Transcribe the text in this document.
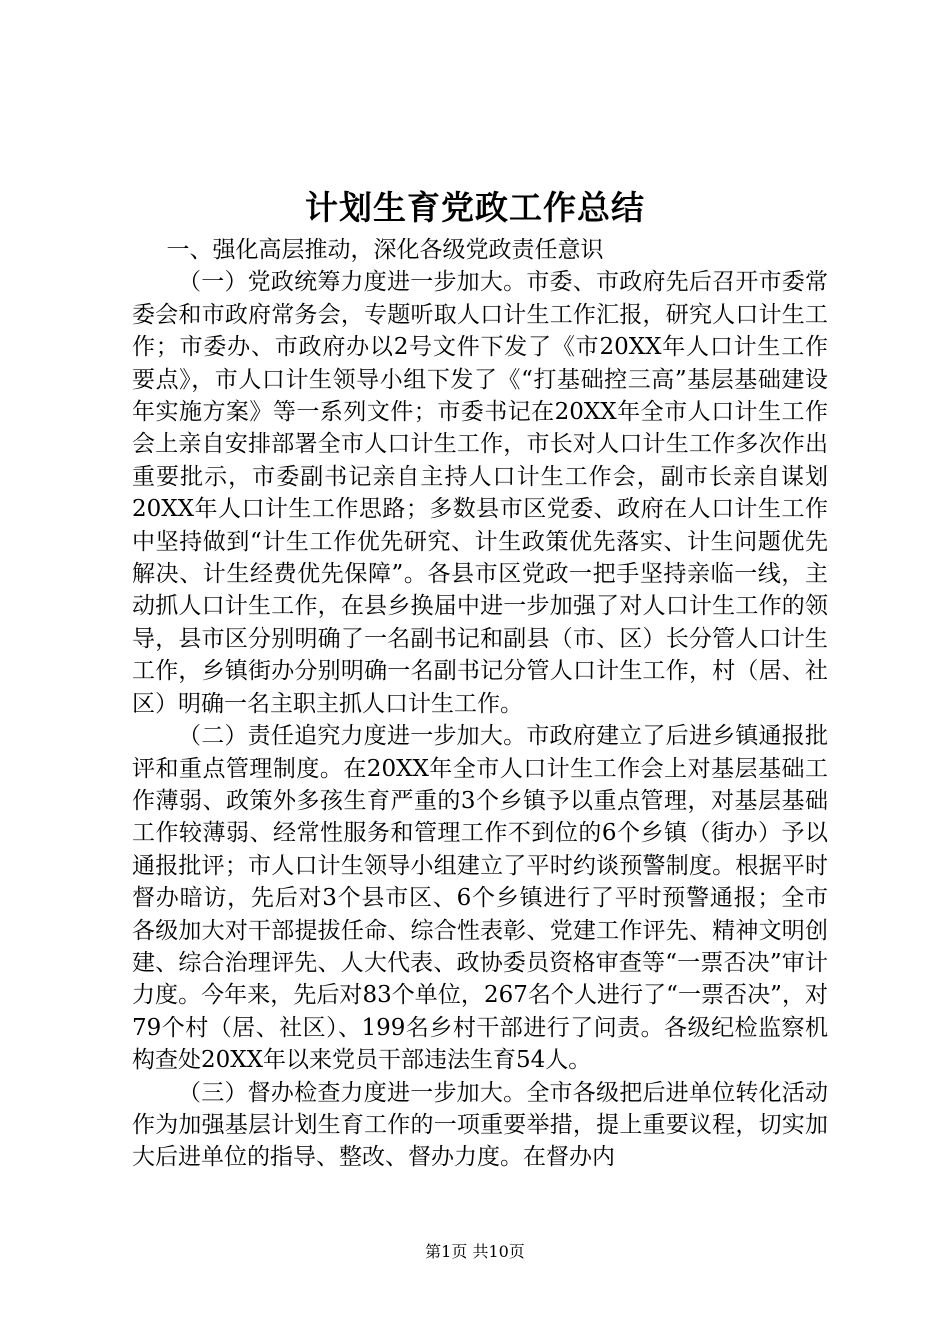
计划生育党政工作总结

一、强化高层推动，深化各级党政责任意识

（一）党政统筹力度进一步加大。市委、市政府先后召开市委常委会和市政府常务会，专题听取人口计生工作汇报，研究人口计生工作；市委办、市政府办以2号文件下发了《市20XX年人口计生工作要点》，市人口计生领导小组下发了《“打基础控三高”基层基础建设年实施方案》等一系列文件；市委书记在20XX年全市人口计生工作会上亲自安排部署全市人口计生工作，市长对人口计生工作多次作出重要批示，市委副书记亲自主持人口计生工作会，副市长亲自谋划20XX年人口计生工作思路；多数县市区党委、政府在人口计生工作中坚持做到“计生工作优先研究、计生政策优先落实、计生问题优先解决、计生经费优先保障”。各县市区党政一把手坚持亲临一线，主动抓人口计生工作，在县乡换届中进一步加强了对人口计生工作的领导，县市区分别明确了一名副书记和副县（市、区）长分管人口计生工作，乡镇街办分别明确一名副书记分管人口计生工作，村（居、社区）明确一名主职主抓人口计生工作。

（二）责任追究力度进一步加大。市政府建立了后进乡镇通报批评和重点管理制度。在20XX年全市人口计生工作会上对基层基础工作薄弱、政策外多孩生育严重的3个乡镇予以重点管理，对基层基础工作较薄弱、经常性服务和管理工作不到位的6个乡镇（街办）予以通报批评；市人口计生领导小组建立了平时约谈预警制度。根据平时督办暗访，先后对3个县市区、6个乡镇进行了平时预警通报；全市各级加大对干部提拔任命、综合性表彰、党建工作评先、精神文明创建、综合治理评先、人大代表、政协委员资格审查等“一票否决”审计力度。今年来，先后对83个单位，267名个人进行了“一票否决”，对79个村（居、社区）、199名乡村干部进行了问责。各级纪检监察机构查处20XX年以来党员干部违法生育54人。

（三）督办检查力度进一步加大。全市各级把后进单位转化活动作为加强基层计划生育工作的一项重要举措，提上重要议程，切实加大后进单位的指导、整改、督办力度。在督办内

第1页 共10页
